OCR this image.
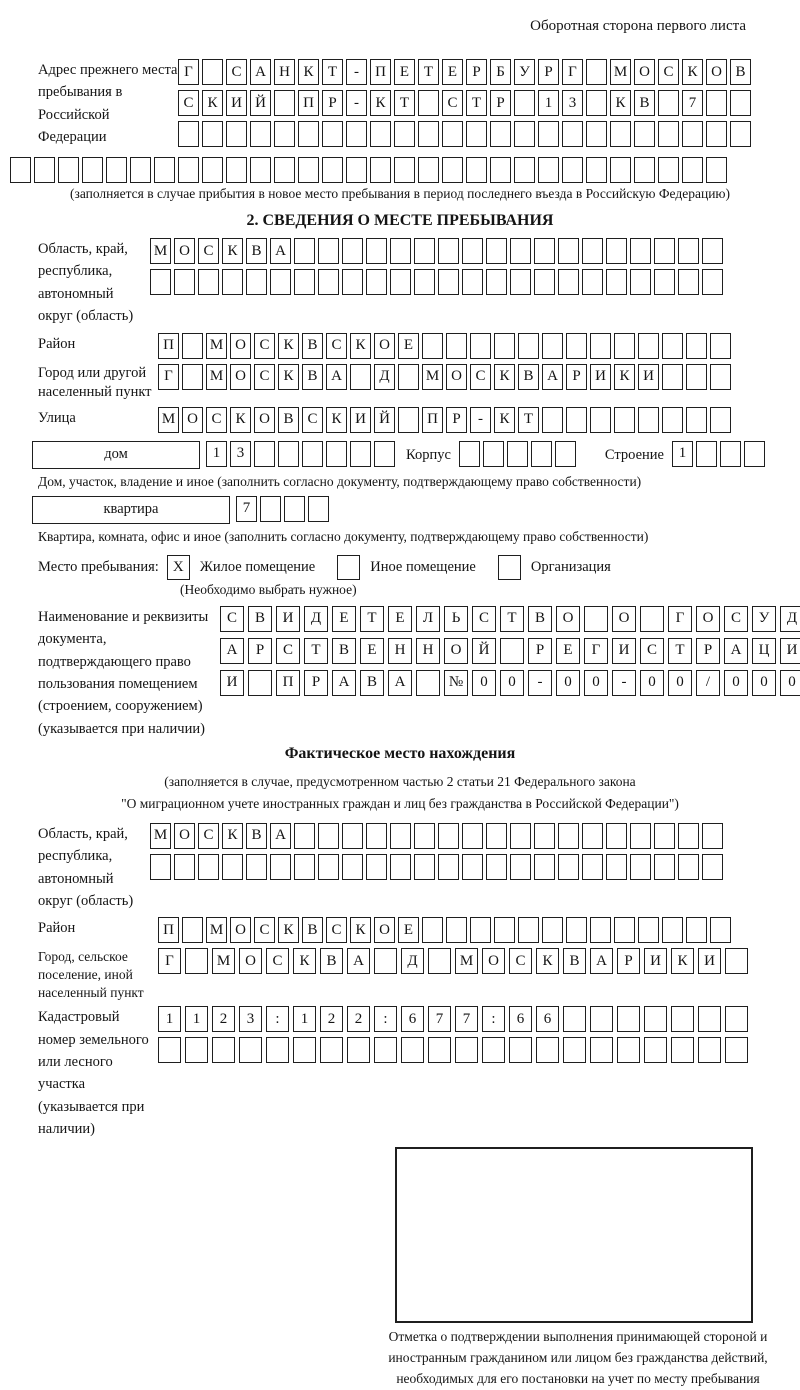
Оборотная сторона первого листа
Адрес прежнего места пребывания в Российской Федерации
Г	С А Н К Т	-	П Е Т Е	Р	Б У Р	Г	М О С К О В
С К И Й	П Р	-	К Т	С Т	Р	1	3	К В	7
(заполняется в случае прибытия в новое место пребывания в период последнего въезда в Российскую Федерацию)
2. СВЕДЕНИЯ О МЕСТЕ ПРЕБЫВАНИЯ
Область, край, республика, автономный округ (область)
М О С К В А
Район	П	М О С К В С К О Е
Город или другой населенный пункт
Г	М О С К В А	Д	М О С К В А Р И К И
Улица	М О С К О В С К И Й	П Р	-	К Т
дом	1	3	Корпус	Строение 1
Дом, участок, владение и иное (заполнить согласно документу, подтверждающему право собственности)
квартира	7
Квартира, комната, офис и иное (заполнить согласно документу, подтверждающему право собственности)
Место пребывания: X	Жилое помещение	Иное помещение	Организация
(Необходимо выбрать нужное)
Наименование и реквизиты документа, подтверждающего право пользования помещением (строением, сооружением) (указывается при наличии)
С	В	И	Д	Е	Т	Е	Л	Ь	С	Т	В	О	О	Г	О	С	У	Д
А	Р	С	Т	В	Е	Н	Н	О	Й	Р	Е	Г	И	С	Т	Р	А	Ц	И
И	П	Р	А	В	А	№	0	0	-	0	0	-	0	0	/	0	0	0
Фактическое место нахождения
(заполняется в случае, предусмотренном частью 2 статьи 21 Федерального закона
"О миграционном учете иностранных граждан и лиц без гражданства в Российской Федерации")
Область, край, республика, автономный округ (область)
М О С К В А
Район	П	М О С К В С К О Е
Город, сельское поселение, иной населенный пункт
Г	М О	С	К	В	А	Д	М О	С	К	В	А	Р	И	К	И
Кадастровый номер земельного или лесного участка (указывается при наличии)
1	1	2	3	:	1	2	2	:	6	7	7	:	6	6
Отметка о подтверждении выполнения принимающей стороной и иностранным гражданином или лицом без гражданства действий, необходимых для его постановки на учет по месту пребывания
